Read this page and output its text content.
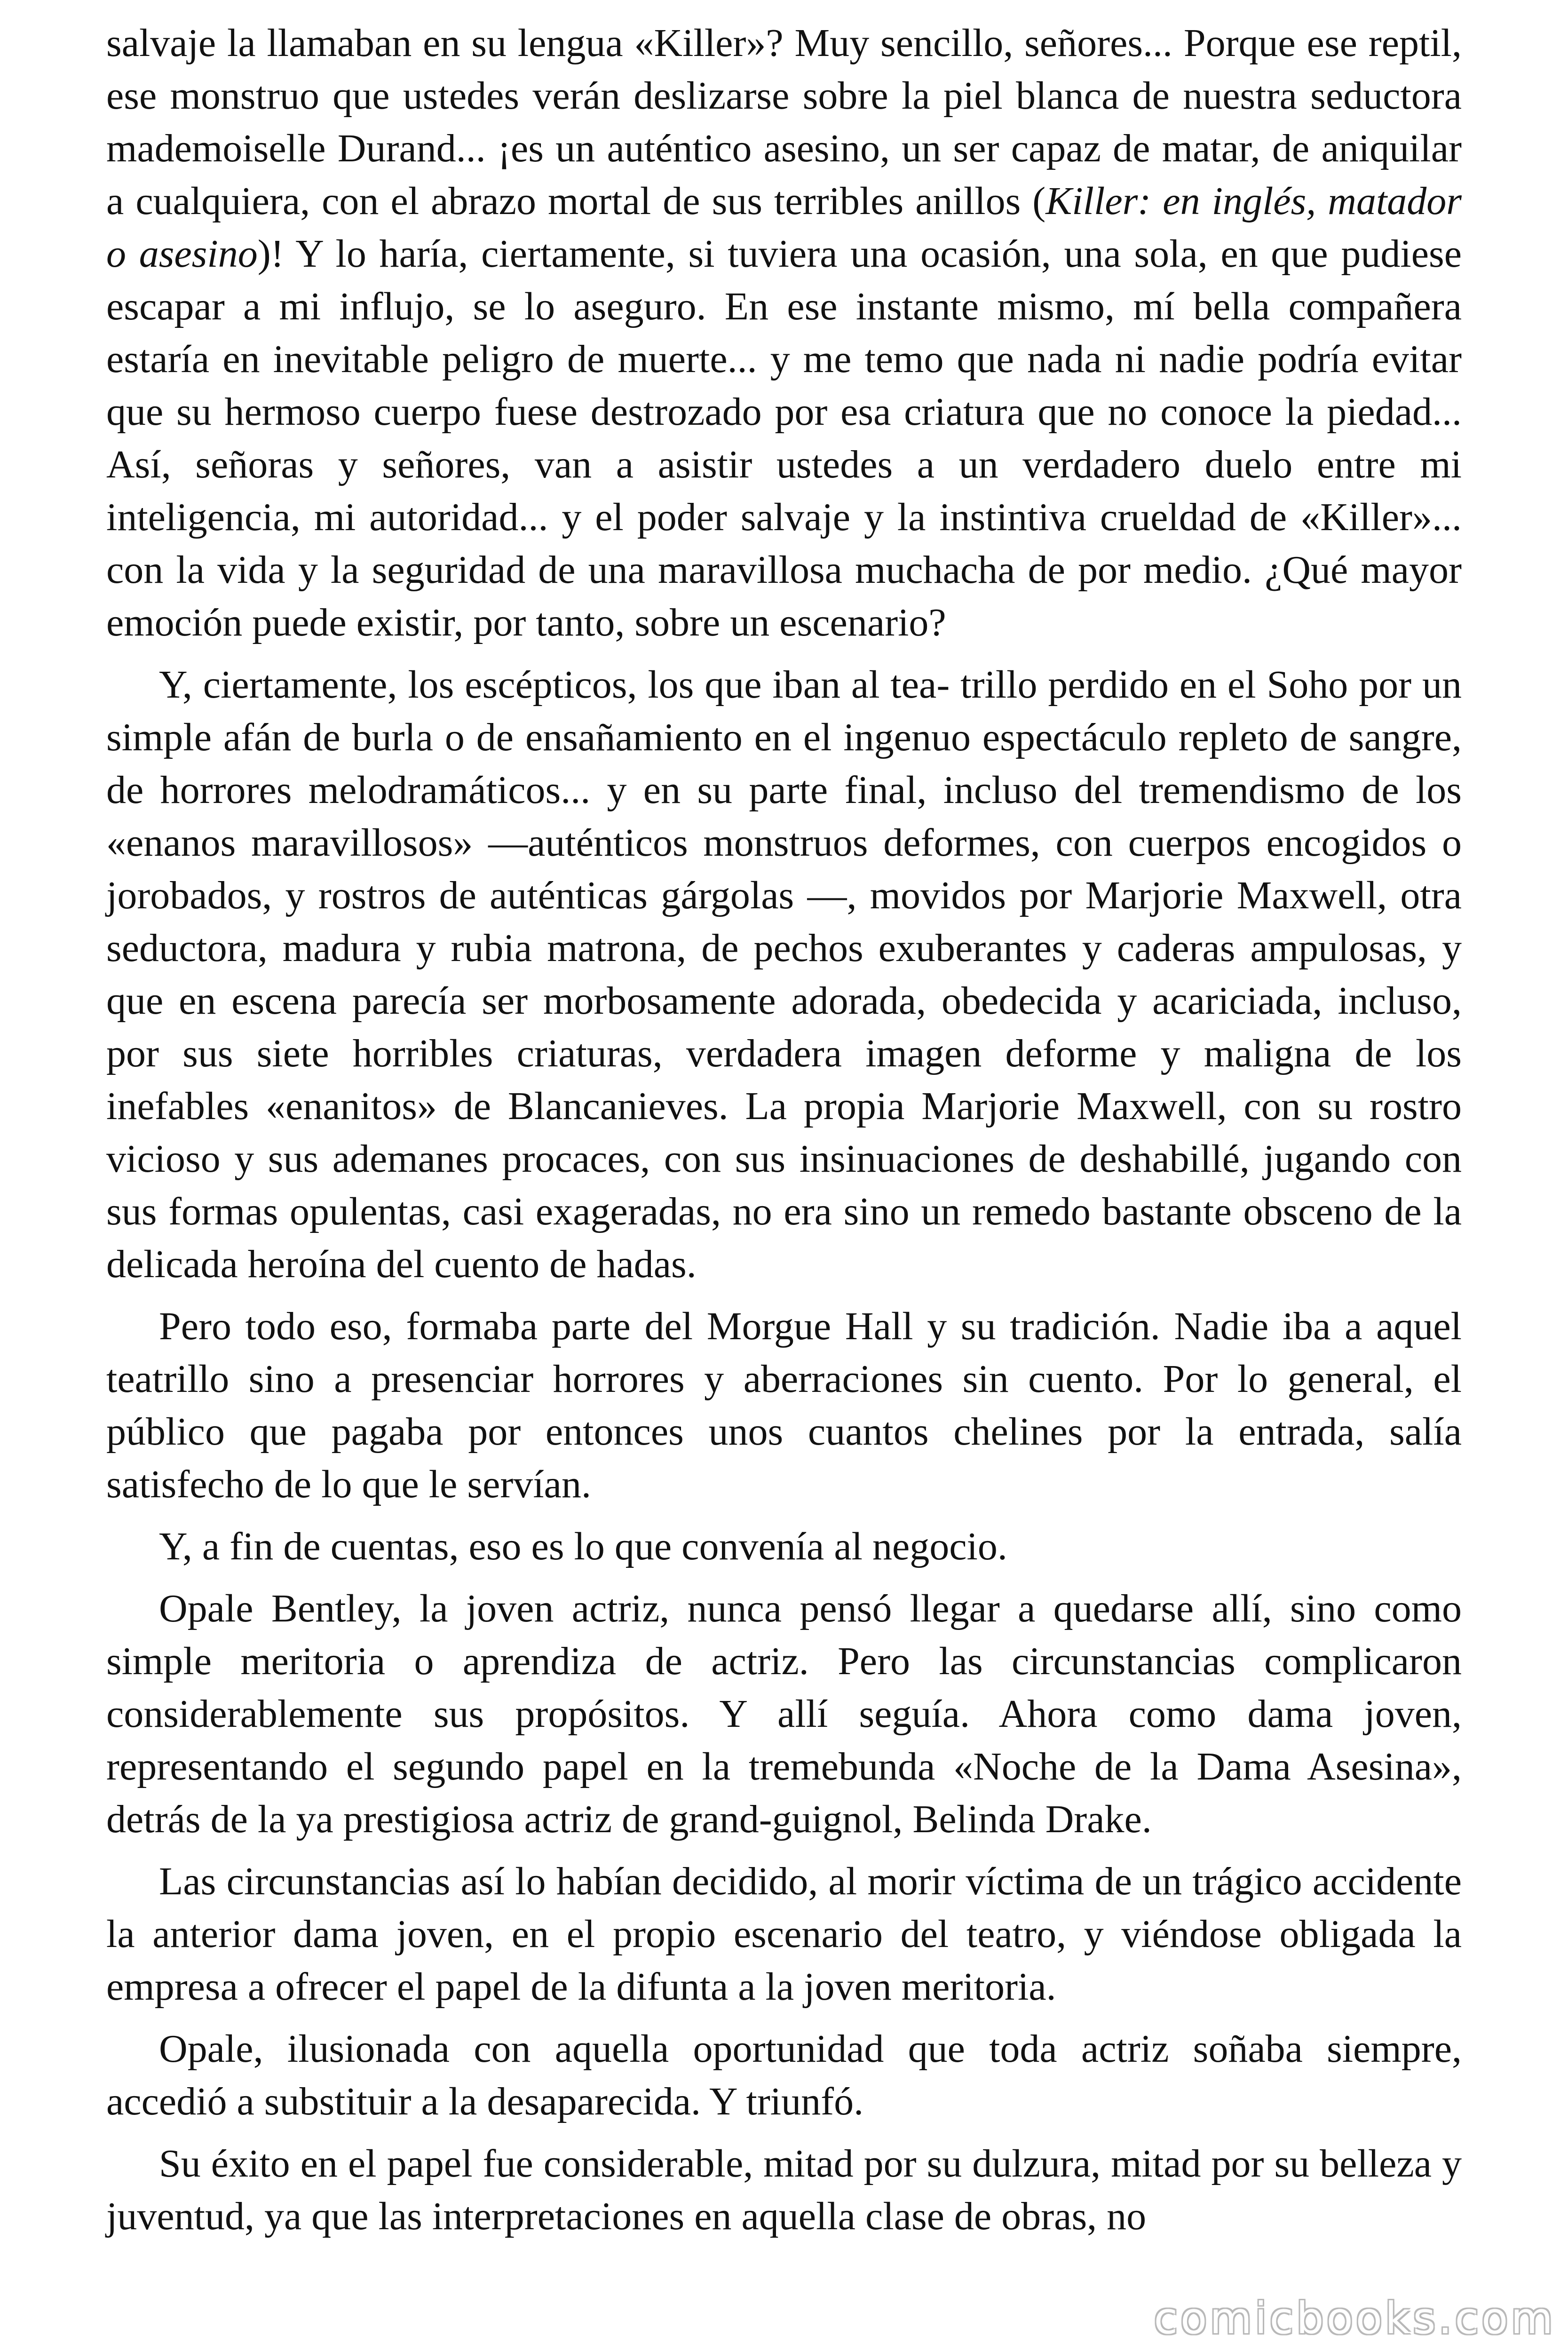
salvaje la llamaban en su lengua «Killer»? Muy sencillo, señores... Porque ese reptil, ese monstruo que ustedes verán deslizarse sobre la piel blanca de nuestra seductora mademoiselle Durand... ¡es un auténtico asesino, un ser capaz de matar, de aniquilar a cualquiera, con el abrazo mortal de sus terribles anillos (Killer: en inglés, matador o asesino)! Y lo haría, ciertamente, si tuviera una ocasión, una sola, en que pudiese escapar a mi influjo, se lo aseguro. En ese instante mismo, mí bella compañera estaría en inevitable peligro de muerte... y me temo que nada ni nadie podría evitar que su hermoso cuerpo fuese destrozado por esa criatura que no conoce la piedad... Así, señoras y señores, van a asistir ustedes a un verdadero duelo entre mi inteligencia, mi autoridad... y el poder salvaje y la instintiva crueldad de «Killer»... con la vida y la seguridad de una maravillosa muchacha de por medio. ¿Qué mayor emoción puede existir, por tanto, sobre un escenario?

Y, ciertamente, los escépticos, los que iban al tea- trillo perdido en el Soho por un simple afán de burla o de ensañamiento en el ingenuo espectáculo repleto de sangre, de horrores melodramáticos... y en su parte final, incluso del tremendismo de los «enanos maravillosos» —auténticos monstruos deformes, con cuerpos encogidos o jorobados, y rostros de auténticas gárgolas —, movidos por Marjorie Maxwell, otra seductora, madura y rubia matrona, de pechos exuberantes y caderas ampulosas, y que en escena parecía ser morbosamente adorada, obedecida y acariciada, incluso, por sus siete horribles criaturas, verdadera imagen deforme y maligna de los inefables «enanitos» de Blancanieves. La propia Marjorie Maxwell, con su rostro vicioso y sus ademanes procaces, con sus insinuaciones de deshabillé, jugando con sus formas opulentas, casi exageradas, no era sino un remedo bastante obsceno de la delicada heroína del cuento de hadas.

Pero todo eso, formaba parte del Morgue Hall y su tradición. Nadie iba a aquel teatrillo sino a presenciar horrores y aberraciones sin cuento. Por lo general, el público que pagaba por entonces unos cuantos chelines por la entrada, salía satisfecho de lo que le servían.

Y, a fin de cuentas, eso es lo que convenía al negocio.

Opale Bentley, la joven actriz, nunca pensó llegar a quedarse allí, sino como simple meritoria o aprendiza de actriz. Pero las circunstancias complicaron considerablemente sus propósitos. Y allí seguía. Ahora como dama joven, representando el segundo papel en la tremebunda «Noche de la Dama Asesina», detrás de la ya prestigiosa actriz de grand-guignol, Belinda Drake.

Las circunstancias así lo habían decidido, al morir víctima de un trágico accidente la anterior dama joven, en el propio escenario del teatro, y viéndose obligada la empresa a ofrecer el papel de la difunta a la joven meritoria.

Opale, ilusionada con aquella oportunidad que toda actriz soñaba siempre, accedió a substituir a la desaparecida. Y triunfó.

Su éxito en el papel fue considerable, mitad por su dulzura, mitad por su belleza y juventud, ya que las interpretaciones en aquella clase de obras, no

comicbooks.com
